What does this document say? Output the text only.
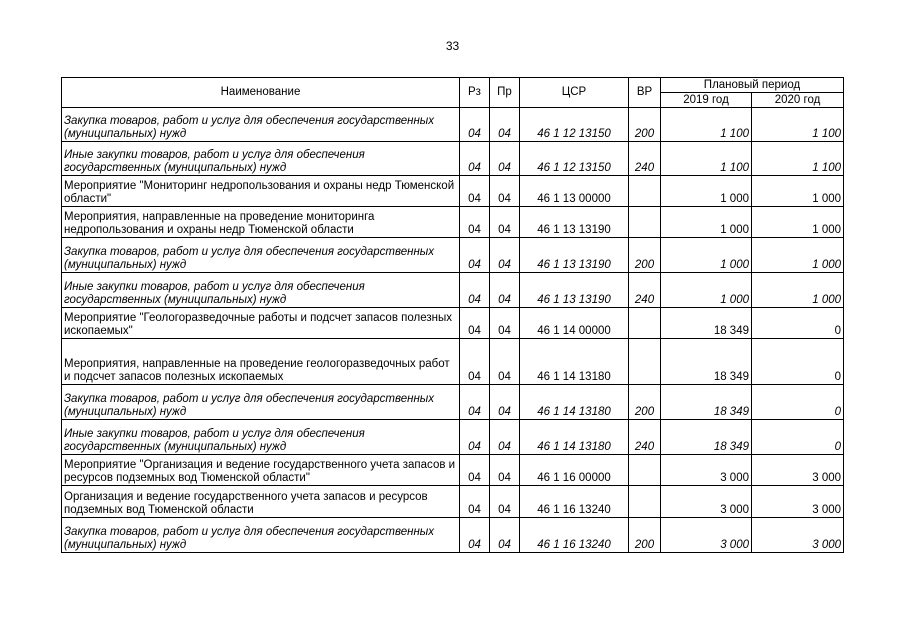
33
Наименование	Рз	Пр	ЦСР	ВР	Плановый период	
					2019 год	2020 год
Закупка товаров, работ и услуг для обеспечения государственных (муниципальных) нужд	04	04	46 1 12 13150	200	1 100	1 100
Иные закупки товаров, работ и услуг для обеспечения государственных (муниципальных) нужд	04	04	46 1 12 13150	240	1 100	1 100
Мероприятие "Мониторинг недропользования и охраны недр Тюменской области"	04	04	46 1 13 00000		1 000	1 000
Мероприятия, направленные на проведение мониторинга недропользования и охраны недр Тюменской области	04	04	46 1 13 13190		1 000	1 000
Закупка товаров, работ и услуг для обеспечения государственных (муниципальных) нужд	04	04	46 1 13 13190	200	1 000	1 000
Иные закупки товаров, работ и услуг для обеспечения государственных (муниципальных) нужд	04	04	46 1 13 13190	240	1 000	1 000
Мероприятие "Геологоразведочные работы и подсчет запасов полезных ископаемых"	04	04	46 1 14 00000		18 349	0
Мероприятия, направленные на проведение геологоразведочных работ и подсчет запасов полезных ископаемых	04	04	46 1 14 13180		18 349	0
Закупка товаров, работ и услуг для обеспечения государственных (муниципальных) нужд	04	04	46 1 14 13180	200	18 349	0
Иные закупки товаров, работ и услуг для обеспечения государственных (муниципальных) нужд	04	04	46 1 14 13180	240	18 349	0
Мероприятие "Организация и ведение государственного учета запасов и ресурсов подземных вод Тюменской области"	04	04	46 1 16 00000		3 000	3 000
Организация и ведение государственного учета запасов и ресурсов подземных вод Тюменской области	04	04	46 1 16 13240		3 000	3 000
Закупка товаров, работ и услуг для обеспечения государственных (муниципальных) нужд	04	04	46 1 16 13240	200	3 000	3 000
